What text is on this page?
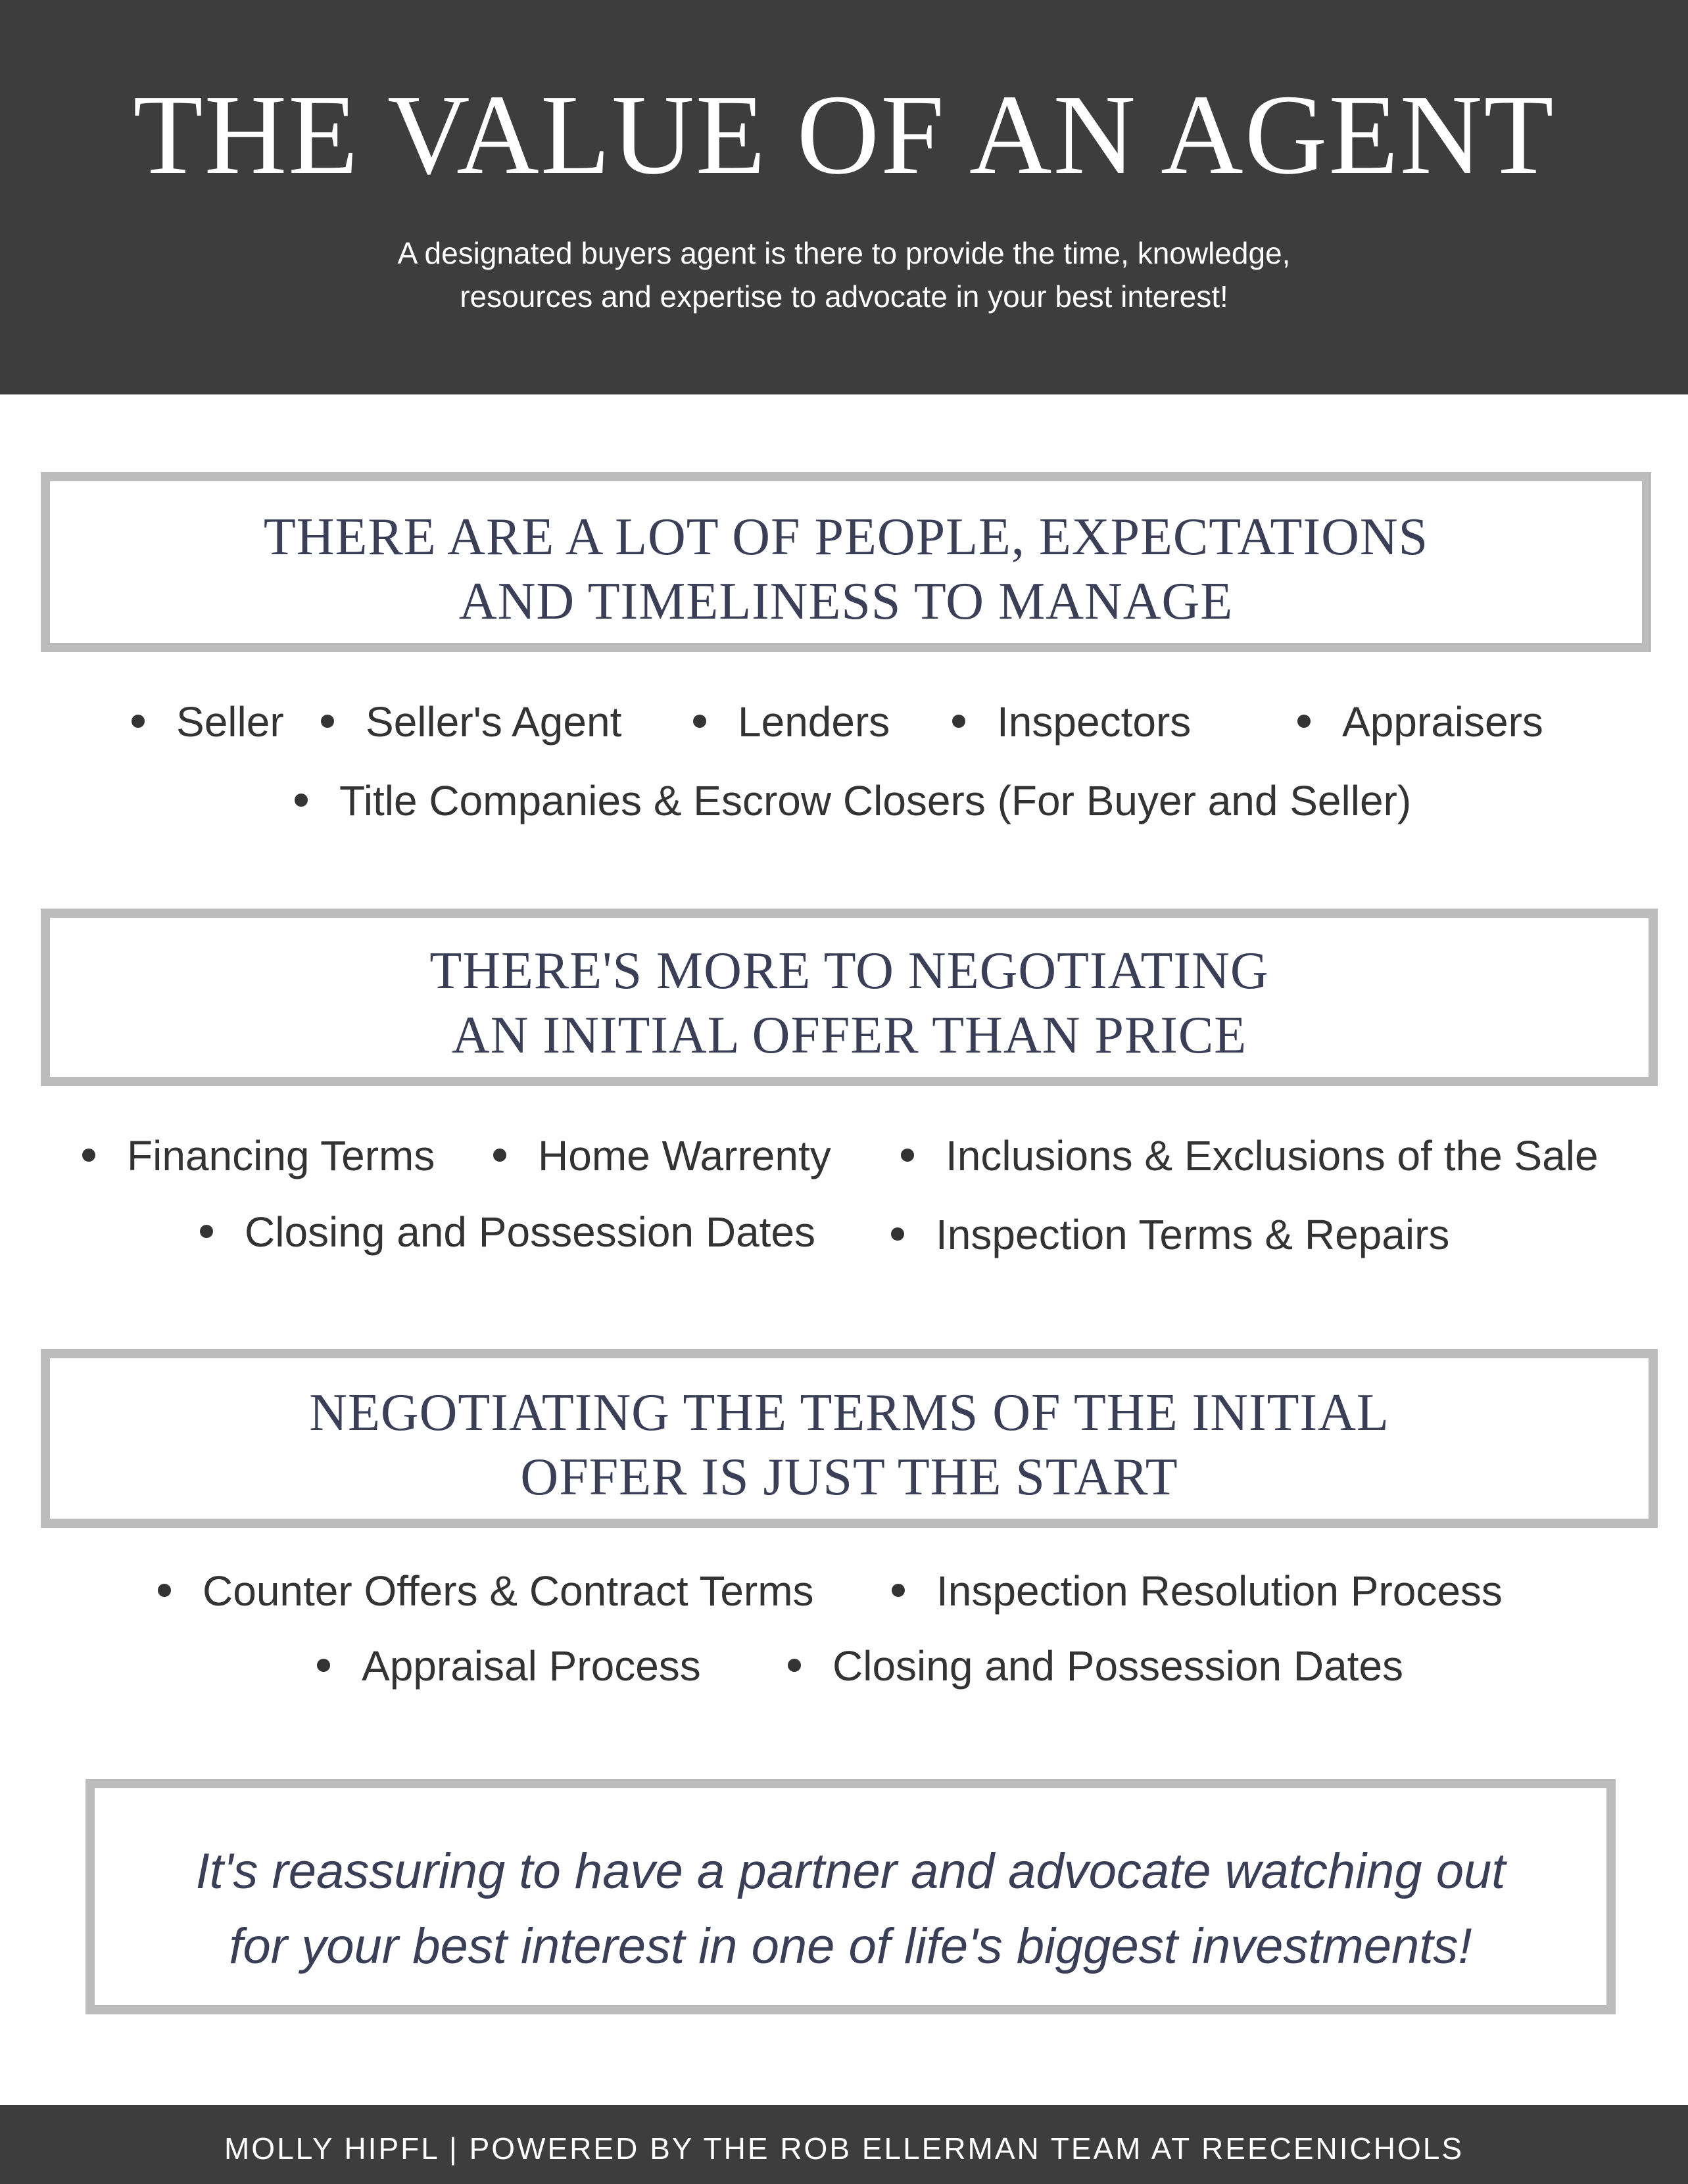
THE VALUE OF AN AGENT
A designated buyers agent is there to provide the time, knowledge,
resources and expertise to advocate in your best interest!
THERE ARE A LOT OF PEOPLE, EXPECTATIONS
AND TIMELINESS TO MANAGE
Seller	Seller's Agent	Lenders	Inspectors	Appraisers
Title Companies & Escrow Closers (For Buyer and Seller)
THERE'S MORE TO NEGOTIATING
AN INITIAL OFFER THAN PRICE
Financing Terms	Home Warrenty	Inclusions & Exclusions of the Sale
Closing and Possession Dates	Inspection Terms & Repairs
NEGOTIATING THE TERMS OF THE INITIAL
OFFER IS JUST THE START
Counter Offers & Contract Terms	Inspection Resolution Process
Appraisal Process	Closing and Possession Dates
It's reassuring to have a partner and advocate watching out
for your best interest in one of life's biggest investments!
MOLLY HIPFL | POWERED BY THE ROB ELLERMAN TEAM AT REECENICHOLS
